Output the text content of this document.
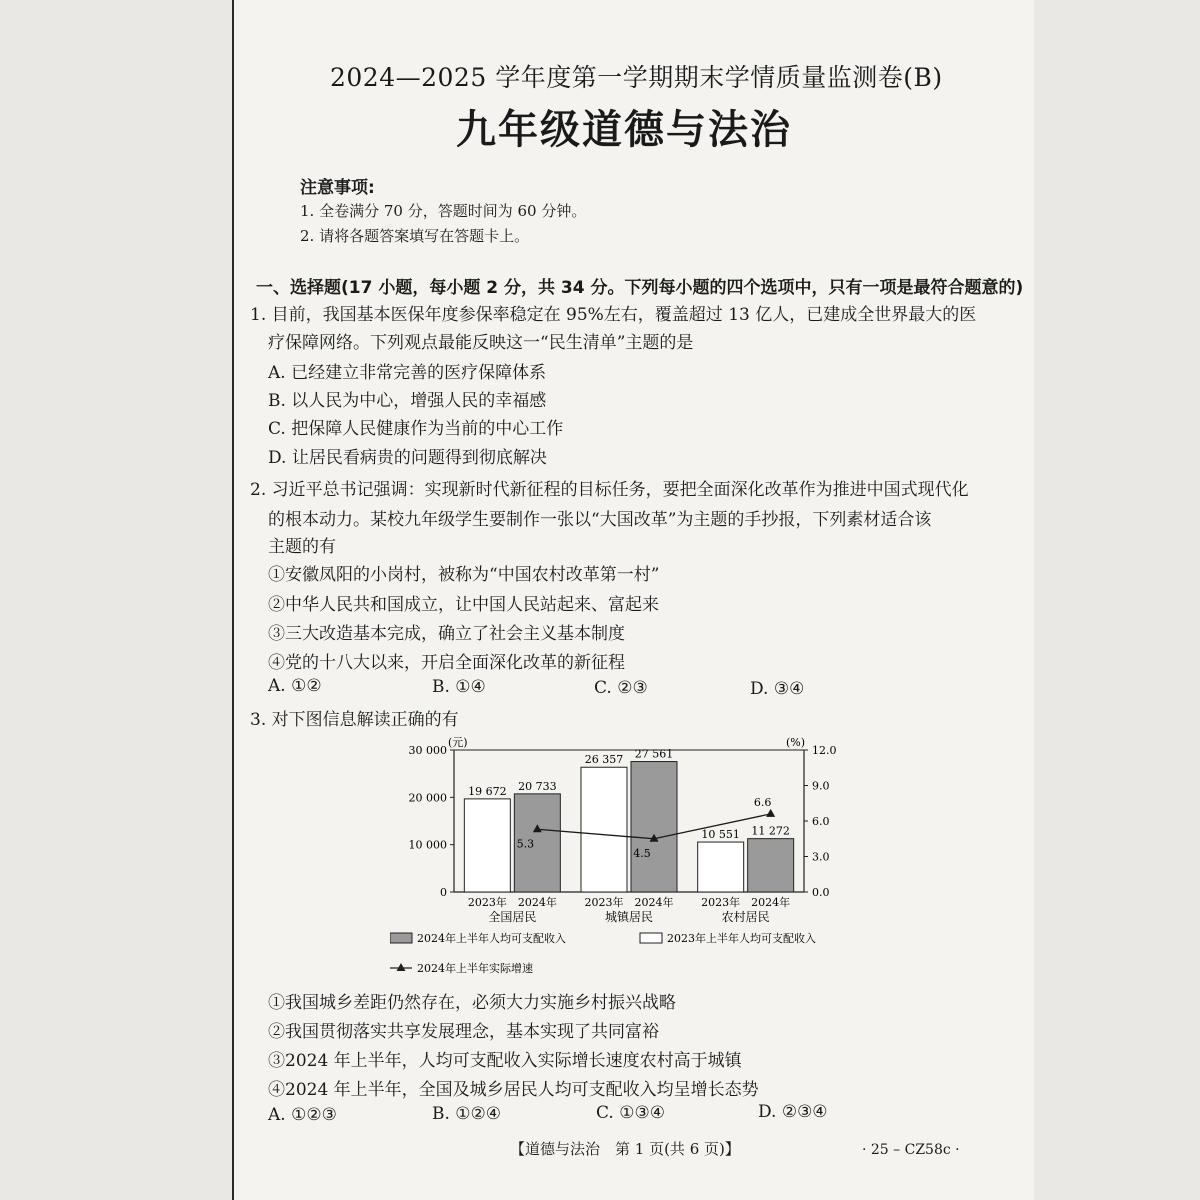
2024—2025 学年度第一学期期末学情质量监测卷(B)
九年级道德与法治
注意事项:
1. 全卷满分 70 分，答题时间为 60 分钟。
2. 请将各题答案填写在答题卡上。
一、选择题(17 小题，每小题 2 分，共 34 分。下列每小题的四个选项中，只有一项是最符合题意的)
1. 目前，我国基本医保年度参保率稳定在 95%左右，覆盖超过 13 亿人，已建成全世界最大的医
疗保障网络。下列观点最能反映这一“民生清单”主题的是
A. 已经建立非常完善的医疗保障体系
B. 以人民为中心，增强人民的幸福感
C. 把保障人民健康作为当前的中心工作
D. 让居民看病贵的问题得到彻底解决
2. 习近平总书记强调：实现新时代新征程的目标任务，要把全面深化改革作为推进中国式现代化
的根本动力。某校九年级学生要制作一张以“大国改革”为主题的手抄报，下列素材适合该
主题的有
①安徽凤阳的小岗村，被称为“中国农村改革第一村”
②中华人民共和国成立，让中国人民站起来、富起来
③三大改造基本完成，确立了社会主义基本制度
④党的十八大以来，开启全面深化改革的新征程
A. ①②	B. ①④	C. ②③	D. ③④
3. 对下图信息解读正确的有
(元)	(%)
30 000
20 000
10 000
0
12.0
9.0
6.0
3.0
0.0
19 672
2023年
20 733
2024年
全国居民
26 357
2023年
27 561
2024年
城镇居民
10 551
2023年
11 272
2024年
农村居民
5.3
4.5
6.6
2024年上半年人均可支配收入	2023年上半年人均可支配收入
2024年上半年实际增速
①我国城乡差距仍然存在，必须大力实施乡村振兴战略
②我国贯彻落实共享发展理念，基本实现了共同富裕
③2024 年上半年，人均可支配收入实际增长速度农村高于城镇
④2024 年上半年，全国及城乡居民人均可支配收入均呈增长态势
A. ①②③	B. ①②④	C. ①③④	D. ②③④
【道德与法治　第 1 页(共 6 页)】	· 25 – CZ58c ·
